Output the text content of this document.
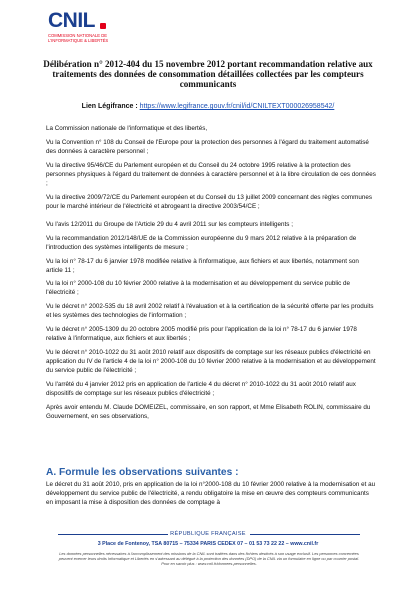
CNIL
COMMISSION NATIONALE DE L'INFORMATIQUE & LIBERTÉS
Délibération n° 2012-404 du 15 novembre 2012 portant recommandation relative aux traitements des données de consommation détaillées collectées par les compteurs communicants
Lien Légifrance : https://www.legifrance.gouv.fr/cnil/id/CNILTEXT000026958542/
La Commission nationale de l'informatique et des libertés,
Vu la Convention n° 108 du Conseil de l'Europe pour la protection des personnes à l'égard du traitement automatisé des données à caractère personnel ;
Vu la directive 95/46/CE du Parlement européen et du Conseil du 24 octobre 1995 relative à la protection des personnes physiques à l'égard du traitement de données à caractère personnel et à la libre circulation de ces données ;
Vu la directive 2009/72/CE du Parlement européen et du Conseil du 13 juillet 2009 concernant des règles communes pour le marché intérieur de l'électricité et abrogeant la directive 2003/54/CE ;
Vu l'avis 12/2011 du Groupe de l'Article 29 du 4 avril 2011 sur les compteurs intelligents ;
Vu la recommandation 2012/148/UE de la Commission européenne du 9 mars 2012 relative à la préparation de l'introduction des systèmes intelligents de mesure ;
Vu la loi n° 78-17 du 6 janvier 1978 modifiée relative à l'informatique, aux fichiers et aux libertés, notamment son article 11 ;
Vu la loi n° 2000-108 du 10 février 2000 relative à la modernisation et au développement du service public de l'électricité ;
Vu le décret n° 2002-535 du 18 avril 2002 relatif à l'évaluation et à la certification de la sécurité offerte par les produits et les systèmes des technologies de l'information ;
Vu le décret n° 2005-1309 du 20 octobre 2005 modifié pris pour l'application de la loi n° 78-17 du 6 janvier 1978 relative à l'informatique, aux fichiers et aux libertés ;
Vu le décret n° 2010-1022 du 31 août 2010 relatif aux dispositifs de comptage sur les réseaux publics d'électricité en application du IV de l'article 4 de la loi n° 2000-108 du 10 février 2000 relative à la modernisation et au développement du service public de l'électricité ;
Vu l'arrêté du 4 janvier 2012 pris en application de l'article 4 du décret n° 2010-1022 du 31 août 2010 relatif aux dispositifs de comptage sur les réseaux publics d'électricité ;
Après avoir entendu M. Claude DOMEIZEL, commissaire, en son rapport, et Mme Elisabeth ROLIN, commissaire du Gouvernement, en ses observations,
A. Formule les observations suivantes :
Le décret du 31 août 2010, pris en application de la loi n°2000-108 du 10 février 2000 relative à la modernisation et au développement du service public de l'électricité, a rendu obligatoire la mise en œuvre des compteurs communicants en imposant la mise à disposition des données de comptage à
RÉPUBLIQUE FRANÇAISE
3 Place de Fontenoy, TSA 80715 – 75334 PARIS CEDEX 07 – 01 53 73 22 22 – www.cnil.fr
Les données personnelles nécessaires à l'accomplissement des missions de la CNIL sont traitées dans des fichiers destinés à son usage exclusif. Les personnes concernées peuvent exercer leurs droits Informatique et Libertés en s'adressant au délégué à la protection des données (DPO) de la CNIL via un formulaire en ligne ou par courrier postal. Pour en savoir plus : www.cnil.fr/donnees-personnelles.
